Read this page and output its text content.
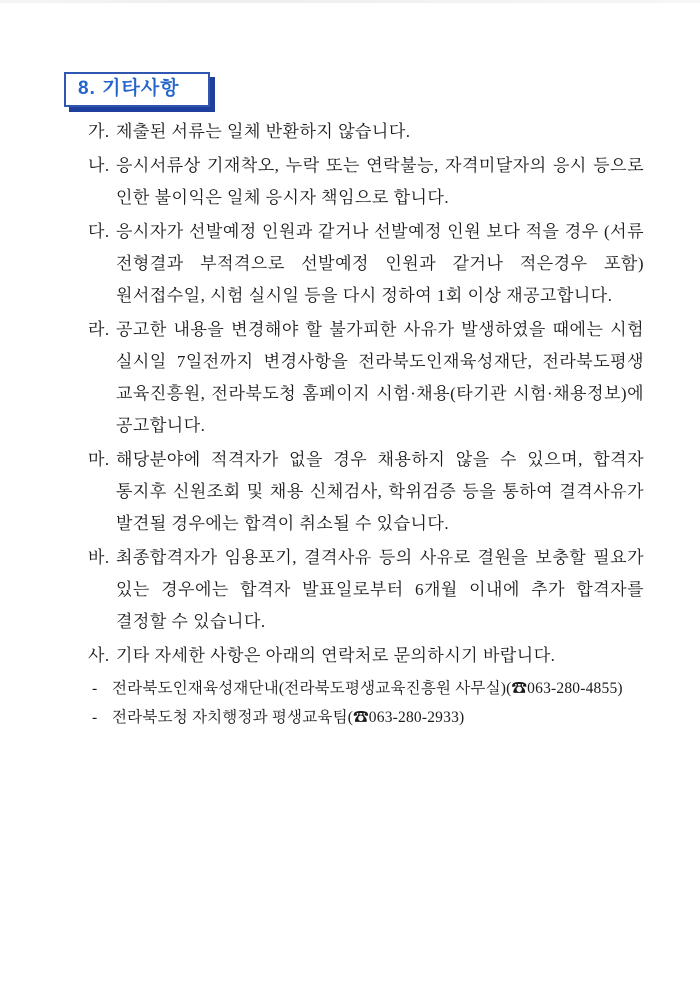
8. 기타사항
가. 제출된 서류는 일체 반환하지 않습니다.
나. 응시서류상 기재착오, 누락 또는 연락불능, 자격미달자의 응시 등으로 인한 불이익은 일체 응시자 책임으로 합니다.
다. 응시자가 선발예정 인원과 같거나 선발예정 인원 보다 적을 경우 (서류 전형결과 부적격으로 선발예정 인원과 같거나 적은경우 포함) 원서접수일, 시험 실시일 등을 다시 정하여 1회 이상 재공고합니다.
라. 공고한 내용을 변경해야 할 불가피한 사유가 발생하였을 때에는 시험 실시일 7일전까지 변경사항을 전라북도인재육성재단, 전라북도평생 교육진흥원, 전라북도청 홈페이지 시험·채용(타기관 시험·채용정보)에 공고합니다.
마. 해당분야에 적격자가 없을 경우 채용하지 않을 수 있으며, 합격자 통지후 신원조회 및 채용 신체검사, 학위검증 등을 통하여 결격사유가 발견될 경우에는 합격이 취소될 수 있습니다.
바. 최종합격자가 임용포기, 결격사유 등의 사유로 결원을 보충할 필요가 있는 경우에는 합격자 발표일로부터 6개월 이내에 추가 합격자를 결정할 수 있습니다.
사. 기타 자세한 사항은 아래의 연락처로 문의하시기 바랍니다.
- 전라북도인재육성재단내(전라북도평생교육진흥원 사무실)(☎063-280-4855)
- 전라북도청 자치행정과 평생교육팀(☎063-280-2933)
